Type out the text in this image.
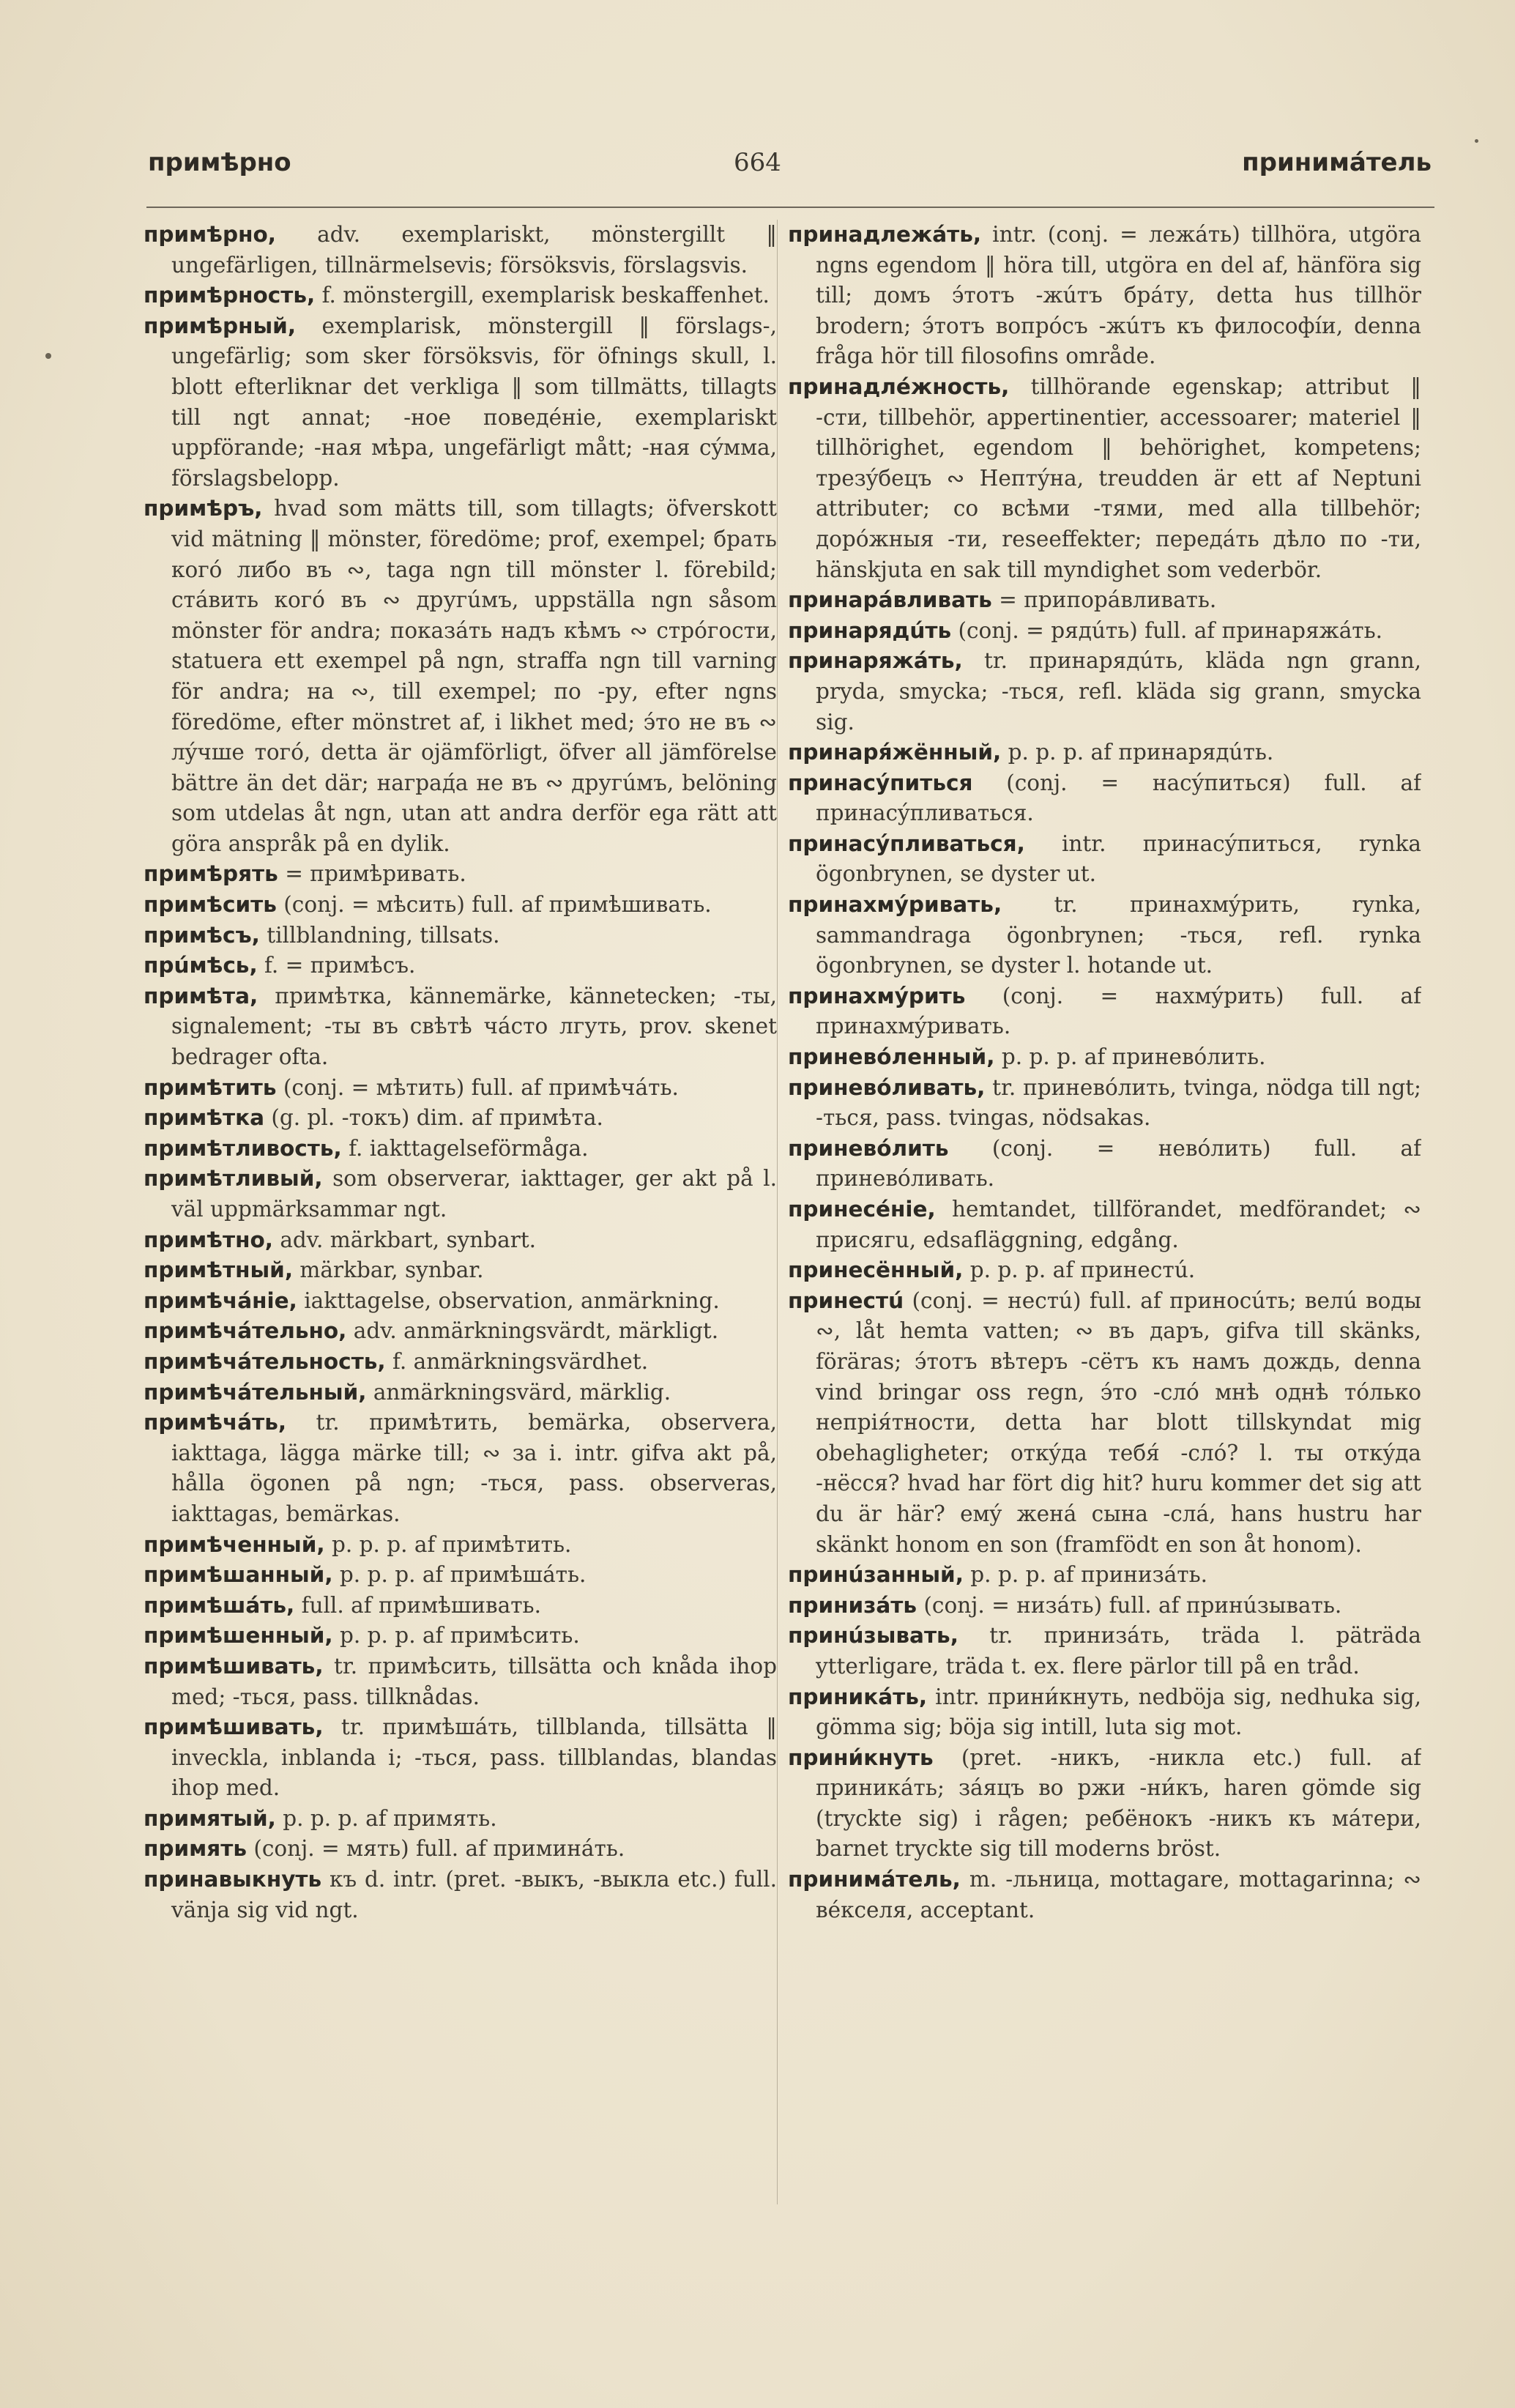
примѣрно	664	принимáтель

примѣрно, adv. exemplariskt, mönstergillt ‖ ungefärligen, tillnärmelsevis; försöksvis, förslagsvis.

примѣрность, f. mönstergill, exemplarisk beskaffenhet.

примѣрный, exemplarisk, mönstergill ‖ förslags-, ungefärlig; som sker försöksvis, för öfnings skull, l. blott efterliknar det verkliga ‖ som tillmätts, tillagts till ngt annat; -ное поведéніе, exemplariskt uppförande; -ная мѣра, ungefärligt mått; -ная сýмма, förslagsbelopp.

примѣръ, hvad som mätts till, som tillagts; öfverskott vid mätning ‖ mönster, föredöme; prof, exempel; брать когó либо въ ∾, taga ngn till mönster l. förebild; стáвить когó въ ∾ другúмъ, uppställa ngn såsom mönster för andra; показáть надъ кѣмъ ∾ стрóгости, statuera ett exempel på ngn, straffa ngn till varning för andra; на ∾, till exempel; по -ру, efter ngns föredöme, efter mönstret af, i likhet med; э́то не въ ∾ лýчше тогó, detta är ojämförligt, öfver all jämförelse bättre än det där; наград́а не въ ∾ другúмъ, belöning som utdelas åt ngn, utan att andra derför ega rätt att göra anspråk på en dylik.

примѣрять = примѣривать.

примѣсить (conj. = мѣсить) full. af примѣшивать.

примѣсъ, tillblandning, tillsats.

прúмѣсь, f. = примѣсъ.

примѣта, примѣтка, kännemärke, kännetecken; -ты, signalement; -ты въ свѣтѣ чáсто лгуть, prov. skenet bedrager ofta.

примѣтить (conj. = мѣтить) full. af примѣчáть.

примѣтка (g. pl. -токъ) dim. af примѣта.

примѣтливость, f. iakttagelseförmåga.

примѣтливый, som observerar, iakttager, ger akt på l. väl uppmärksammar ngt.

примѣтно, adv. märkbart, synbart.

примѣтный, märkbar, synbar.

примѣчáніе, iakttagelse, observation, anmärkning.

примѣчáтельно, adv. anmärkningsvärdt, märkligt.

примѣчáтельность, f. anmärkningsvärdhet.

примѣчáтельный, anmärkningsvärd, märklig.

примѣчáть, tr. примѣтить, bemärka, observera, iakttaga, lägga märke till; ∾ за i. intr. gifva akt på, hålla ögonen på ngn; -ться, pass. observeras, iakttagas, bemärkas.

примѣченный, p. p. p. af примѣтить.

примѣшанный, p. p. p. af примѣшáть.

примѣшáть, full. af примѣшивать.

примѣшенный, p. p. p. af примѣсить.

примѣшивать, tr. примѣсить, tillsätta och knåda ihop med; -ться, pass. tillknådas.

примѣшивать, tr. примѣшáть, tillblanda, tillsätta ‖ inveckla, inblanda i; -ться, pass. tillblandas, blandas ihop med.

примятый, p. p. p. af примять.

примять (conj. = мять) full. af приминáть.

принавыкнуть къ d. intr. (pret. -выкъ, -выкла etc.) full. vänja sig vid ngt.

принадлежáть, intr. (conj. = лежáть) tillhöra, utgöra ngns egendom ‖ höra till, utgöra en del af, hänföra sig till; домъ э́тотъ -жúтъ брáту, detta hus tillhör brodern; э́тотъ вопрóсъ -жúтъ къ философíи, denna fråga hör till filosofins område.

принадлéжность, tillhörande egenskap; attribut ‖ -сти, tillbehör, appertinentier, accessoarer; materiel ‖ tillhörighet, egendom ‖ behörighet, kompetens; трезýбецъ ∾ Нептýна, treudden är ett af Neptuni attributer; со всѣми -тями, med alla tillbehör; дорóжныя -ти, reseeffekter; передáть дѣло по -ти, hänskjuta en sak till myndighet som vederbör.

принарáвливать = припорáвливать.

принарядúть (conj. = рядúть) full. af принаряжáть.

принаряжáть, tr. принарядúть, kläda ngn grann, pryda, smycka; -ться, refl. kläda sig grann, smycka sig.

принаря́жённый, p. p. p. af принарядúть.

принасýпиться (conj. = насýпиться) full. af принасýпливаться.

принасýпливаться, intr. принасýпиться, rynka ögonbrynen, se dyster ut.

принахмýривать, tr. принахмýрить, rynka, sammandraga ögonbrynen; -ться, refl. rynka ögonbrynen, se dyster l. hotande ut.

принахмýрить (conj. = нахмýрить) full. af принахмýривать.

принево́ленный, p. p. p. af принево́лить.

принево́ливать, tr. принево́лить, tvinga, nödga till ngt; -ться, pass. tvingas, nödsakas.

принево́лить (conj. = нево́лить) full. af принево́ливать.

принесéніе, hemtandet, tillförandet, medförandet; ∾ присягu, edsafläggning, edgång.

принесённый, p. p. p. af принестú.

принестú (conj. = нестú) full. af приносúть; велú воды ∾, låt hemta vatten; ∾ въ даръ, gifva till skänks, föräras; э́тотъ вѣтеръ -сётъ къ намъ дождь, denna vind bringar oss regn, э́то -сло́ мнѣ однѣ то́лько непрія́тности, detta har blott tillskyndat mig obehagligheter; откýда тебя́ -сло́? l. ты откýда -нёсся? hvad har fört dig hit? huru kommer det sig att du är här? емý женá сына -слá, hans hustru har skänkt honom en son (framfödt en son åt honom).

принúзанный, p. p. p. af принизáть.

принизáть (conj. = низáть) full. af принúзывать.

принúзывать, tr. принизáть, träda l. päträda ytterligare, träda t. ex. flere pärlor till på en tråd.

приникáть, intr. прини́кнуть, nedböja sig, nedhuka sig, gömma sig; böja sig intill, luta sig mot.

прини́кнуть (pret. -никъ, -никла etc.) full. af приникáть; зáяцъ во ржи -ни́къ, haren gömde sig (tryckte sig) i rågen; ребёнокъ -никъ къ мáтери, barnet tryckte sig till moderns bröst.

принимáтель, m. -льница, mottagare, mottagarinna; ∾ вéкселя, acceptant.
